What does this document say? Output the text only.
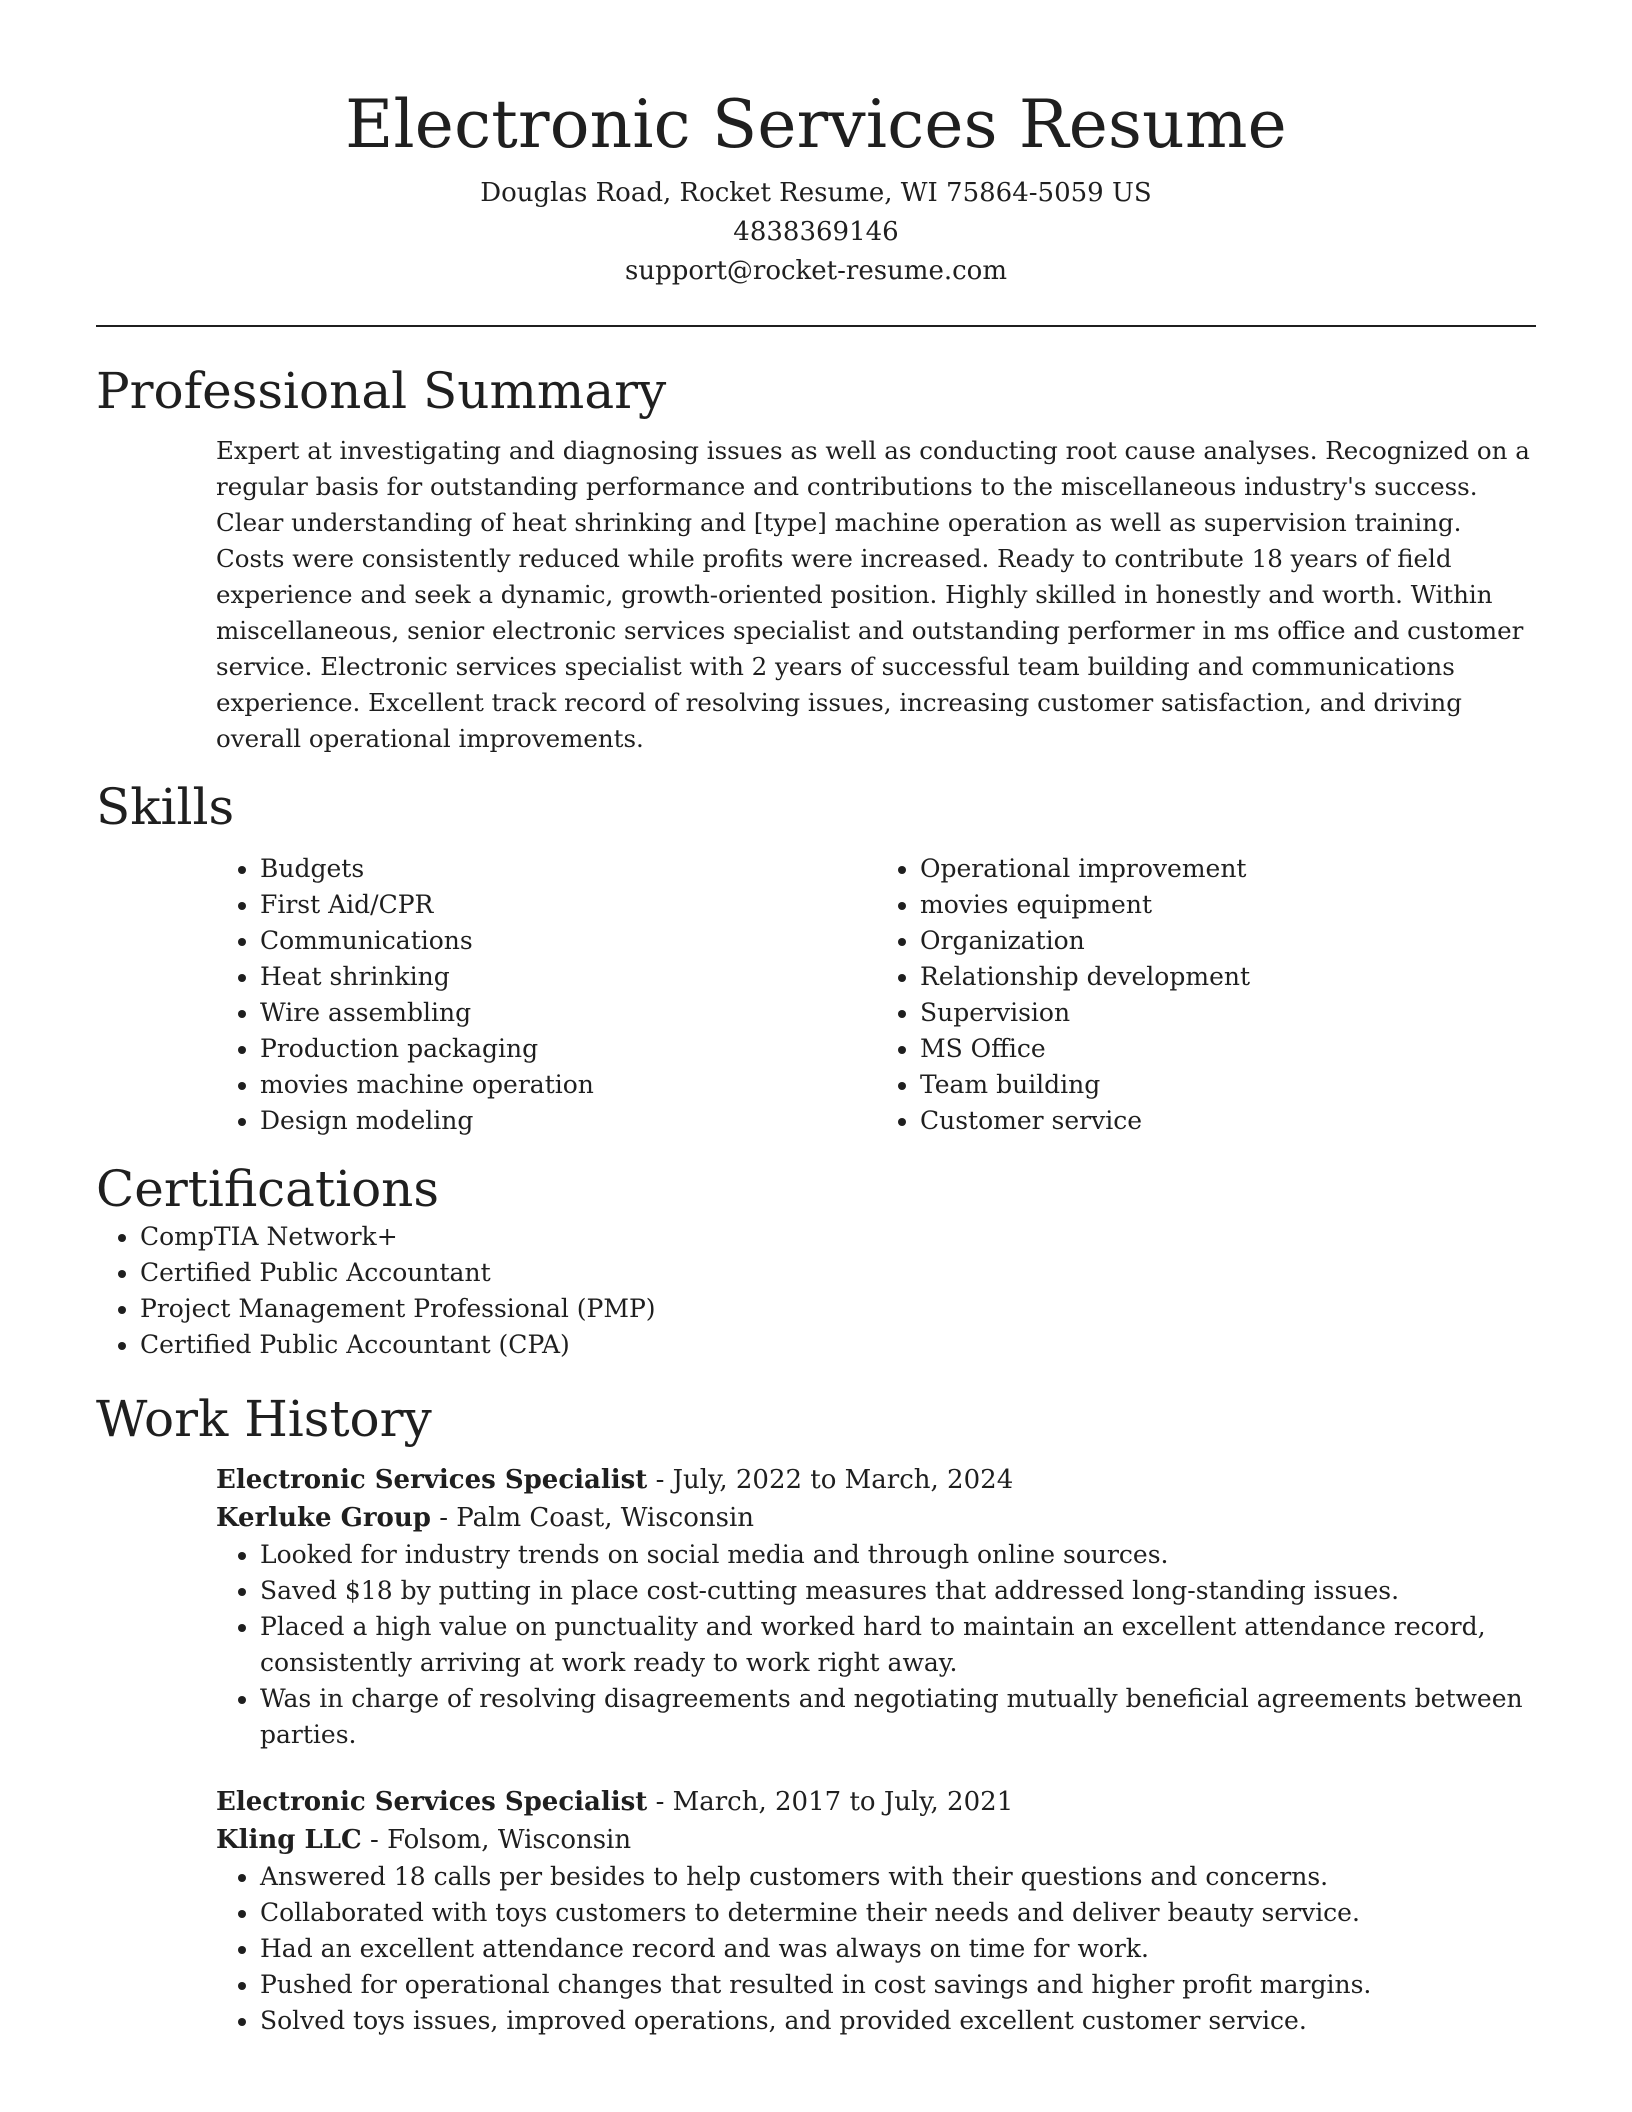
Electronic Services Resume

Douglas Road, Rocket Resume, WI 75864-5059 US

4838369146

support@rocket-resume.com

Professional Summary

Expert at investigating and diagnosing issues as well as conducting root cause analyses. Recognized on a regular basis for outstanding performance and contributions to the miscellaneous industry's success. Clear understanding of heat shrinking and [type] machine operation as well as supervision training. Costs were consistently reduced while profits were increased. Ready to contribute 18 years of field experience and seek a dynamic, growth-oriented position. Highly skilled in honestly and worth. Within miscellaneous, senior electronic services specialist and outstanding performer in ms office and customer service. Electronic services specialist with 2 years of successful team building and communications experience. Excellent track record of resolving issues, increasing customer satisfaction, and driving overall operational improvements.

Skills
• Budgets
• First Aid/CPR
• Communications
• Heat shrinking
• Wire assembling
• Production packaging
• movies machine operation
• Design modeling
• Operational improvement
• movies equipment
• Organization
• Relationship development
• Supervision
• MS Office
• Team building
• Customer service
Certifications
• CompTIA Network+
• Certified Public Accountant
• Project Management Professional (PMP)
• Certified Public Accountant (CPA)
Work History

Electronic Services Specialist - July, 2022 to March, 2024

Kerluke Group - Palm Coast, Wisconsin

• Looked for industry trends on social media and through online sources.
• Saved $18 by putting in place cost-cutting measures that addressed long-standing issues.
• Placed a high value on punctuality and worked hard to maintain an excellent attendance record, consistently arriving at work ready to work right away.
• Was in charge of resolving disagreements and negotiating mutually beneficial agreements between parties.

Electronic Services Specialist - March, 2017 to July, 2021

Kling LLC - Folsom, Wisconsin

• Answered 18 calls per besides to help customers with their questions and concerns.
• Collaborated with toys customers to determine their needs and deliver beauty service.
• Had an excellent attendance record and was always on time for work.
• Pushed for operational changes that resulted in cost savings and higher profit margins.
• Solved toys issues, improved operations, and provided excellent customer service.
